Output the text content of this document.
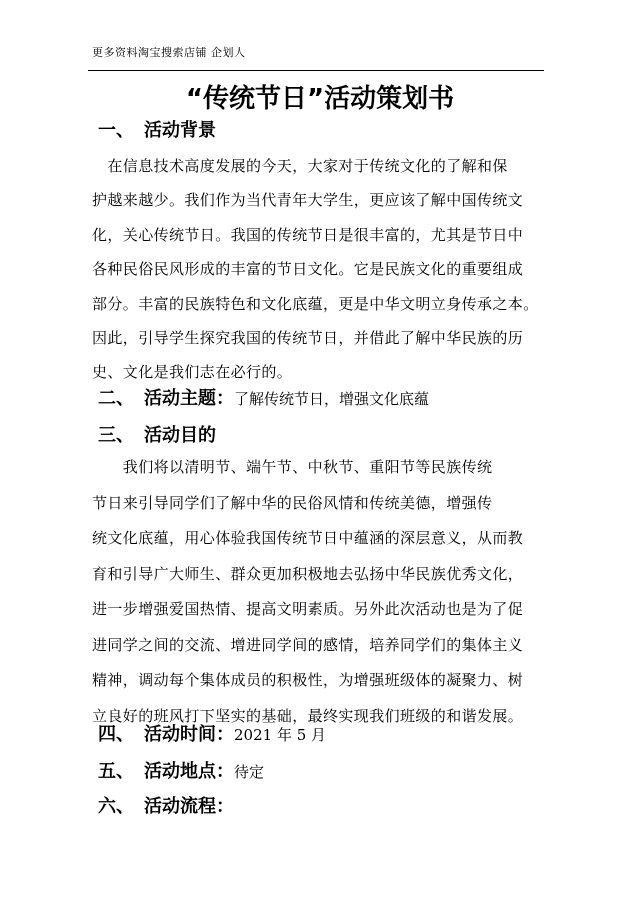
更多资料淘宝搜索店铺 企划人
“传统节日”活动策划书
一、 活动背景
　在信息技术高度发展的今天，大家对于传统文化的了解和保
护越来越少。我们作为当代青年大学生，更应该了解中国传统文
化，关心传统节日。我国的传统节日是很丰富的，尤其是节日中
各种民俗民风形成的丰富的节日文化。它是民族文化的重要组成
部分。丰富的民族特色和文化底蕴，更是中华文明立身传承之本。
因此，引导学生探究我国的传统节日，并借此了解中华民族的历
史、文化是我们志在必行的。
二、 活动主题：了解传统节日，增强文化底蕴
三、 活动目的
　　我们将以清明节、端午节、中秋节、重阳节等民族传统
节日来引导同学们了解中华的民俗风情和传统美德，增强传
统文化底蕴，用心体验我国传统节日中蕴涵的深层意义，从而教
育和引导广大师生、群众更加积极地去弘扬中华民族优秀文化，
进一步增强爱国热情、提高文明素质。另外此次活动也是为了促
进同学之间的交流、增进同学间的感情，培养同学们的集体主义
精神，调动每个集体成员的积极性，为增强班级体的凝聚力、树
立良好的班风打下坚实的基础，最终实现我们班级的和谐发展。
四、 活动时间：2021 年 5 月
五、 活动地点：待定
六、 活动流程：
